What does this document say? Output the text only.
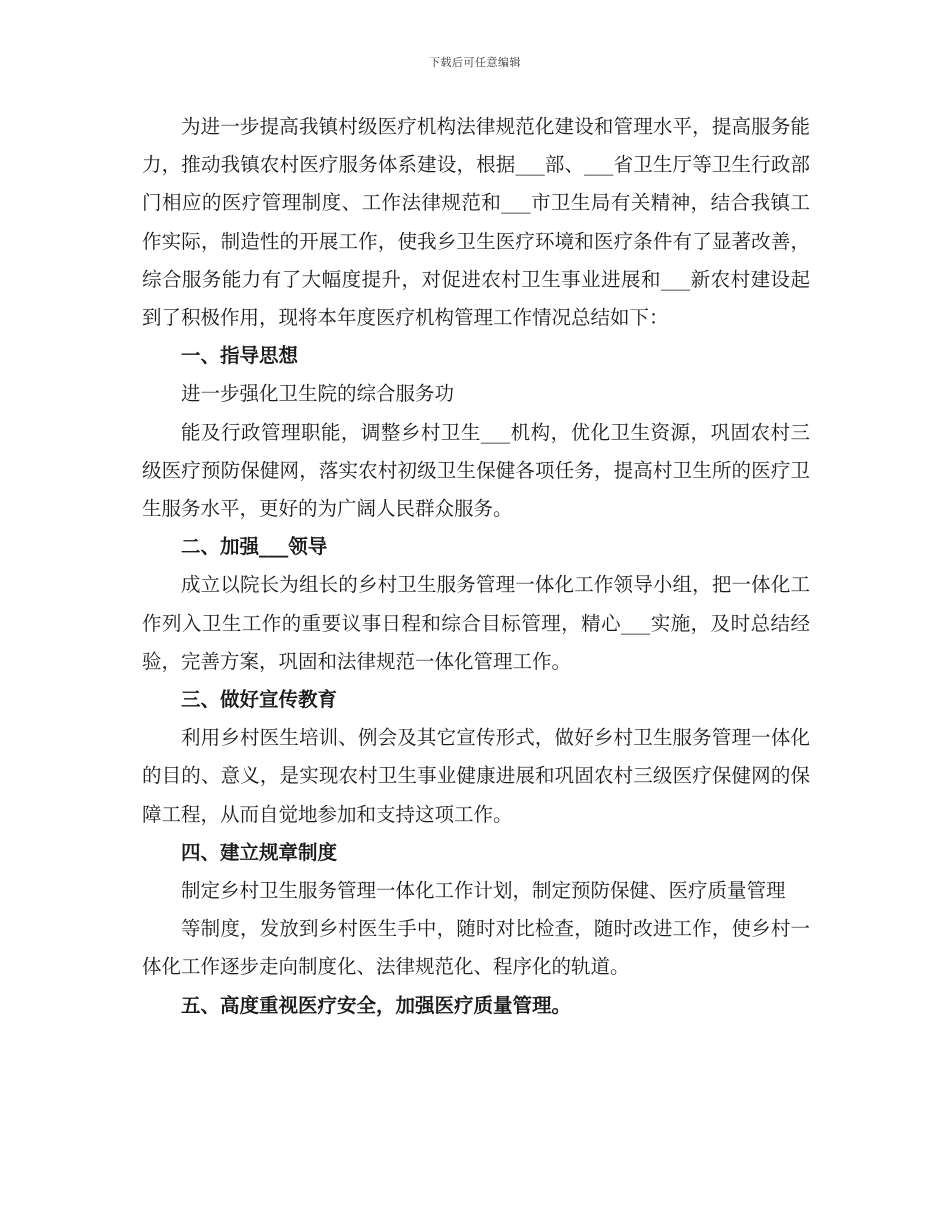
下载后可任意编辑

为进一步提高我镇村级医疗机构法律规范化建设和管理水平，提高服务能力，推动我镇农村医疗服务体系建设，根据___部、___省卫生厅等卫生行政部门相应的医疗管理制度、工作法律规范和___市卫生局有关精神，结合我镇工作实际，制造性的开展工作，使我乡卫生医疗环境和医疗条件有了显著改善，综合服务能力有了大幅度提升，对促进农村卫生事业进展和___新农村建设起到了积极作用，现将本年度医疗机构管理工作情况总结如下：

一、指导思想

进一步强化卫生院的综合服务功

能及行政管理职能，调整乡村卫生___机构，优化卫生资源，巩固农村三级医疗预防保健网，落实农村初级卫生保健各项任务，提高村卫生所的医疗卫生服务水平，更好的为广阔人民群众服务。

二、加强___领导

成立以院长为组长的乡村卫生服务管理一体化工作领导小组，把一体化工作列入卫生工作的重要议事日程和综合目标管理，精心___实施，及时总结经验，完善方案，巩固和法律规范一体化管理工作。

三、做好宣传教育

利用乡村医生培训、例会及其它宣传形式，做好乡村卫生服务管理一体化的目的、意义，是实现农村卫生事业健康进展和巩固农村三级医疗保健网的保障工程，从而自觉地参加和支持这项工作。

四、建立规章制度

制定乡村卫生服务管理一体化工作计划，制定预防保健、医疗质量管理

等制度，发放到乡村医生手中，随时对比检查，随时改进工作，使乡村一体化工作逐步走向制度化、法律规范化、程序化的轨道。

五、高度重视医疗安全，加强医疗质量管理。
